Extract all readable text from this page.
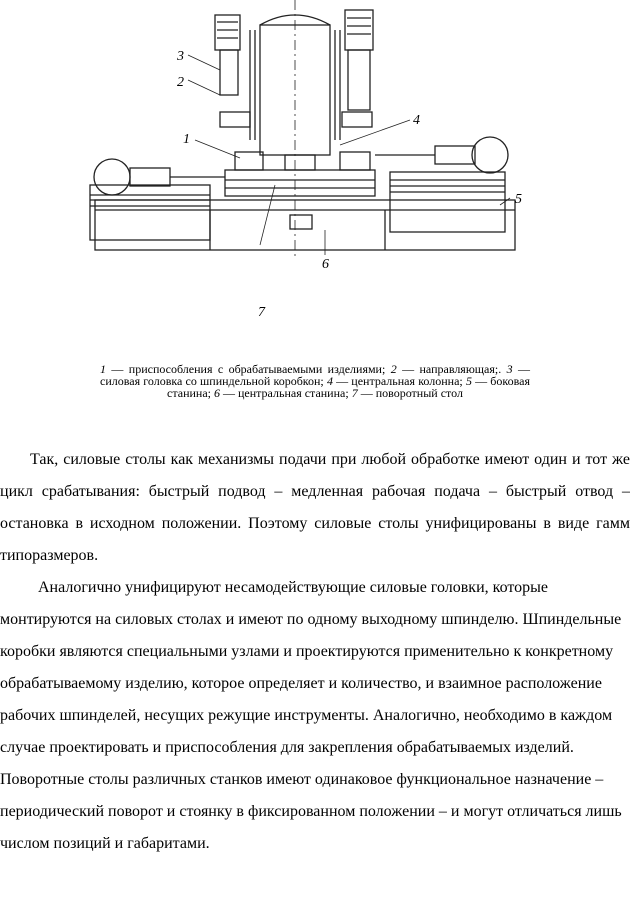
3
2
1
4
5
6
7
1 — приспособления с обрабатываемыми изделиями; 2 — направляющая;. 3 — силовая головка со шпиндельной коробкон; 4 — центральная колонна; 5 — боковая станина; 6 — центральная станина; 7 — поворотный стол

Так, силовые столы как механизмы подачи при любой обработке имеют один и тот же цикл срабатывания: быстрый подвод – медленная рабочая подача – быстрый отвод – остановка в исходном положении. Поэтому силовые столы унифицированы в виде гамм типоразмеров.

Аналогично унифицируют несамодействующие силовые головки, которые монтируются на силовых столах и имеют по одному выходному шпинделю. Шпиндельные коробки являются специальными узлами и проектируются применительно к конкретному обрабатываемому изделию, которое определяет и количество, и взаимное расположение рабочих шпинделей, несущих режущие инструменты. Аналогично, необходимо в каждом случае проектировать и приспособления для закрепления обрабатываемых изделий. Поворотные столы различных станков имеют одинаковое функциональное назначение – периодический поворот и стоянку в фиксированном положении – и могут отличаться лишь числом позиций и габаритами.
